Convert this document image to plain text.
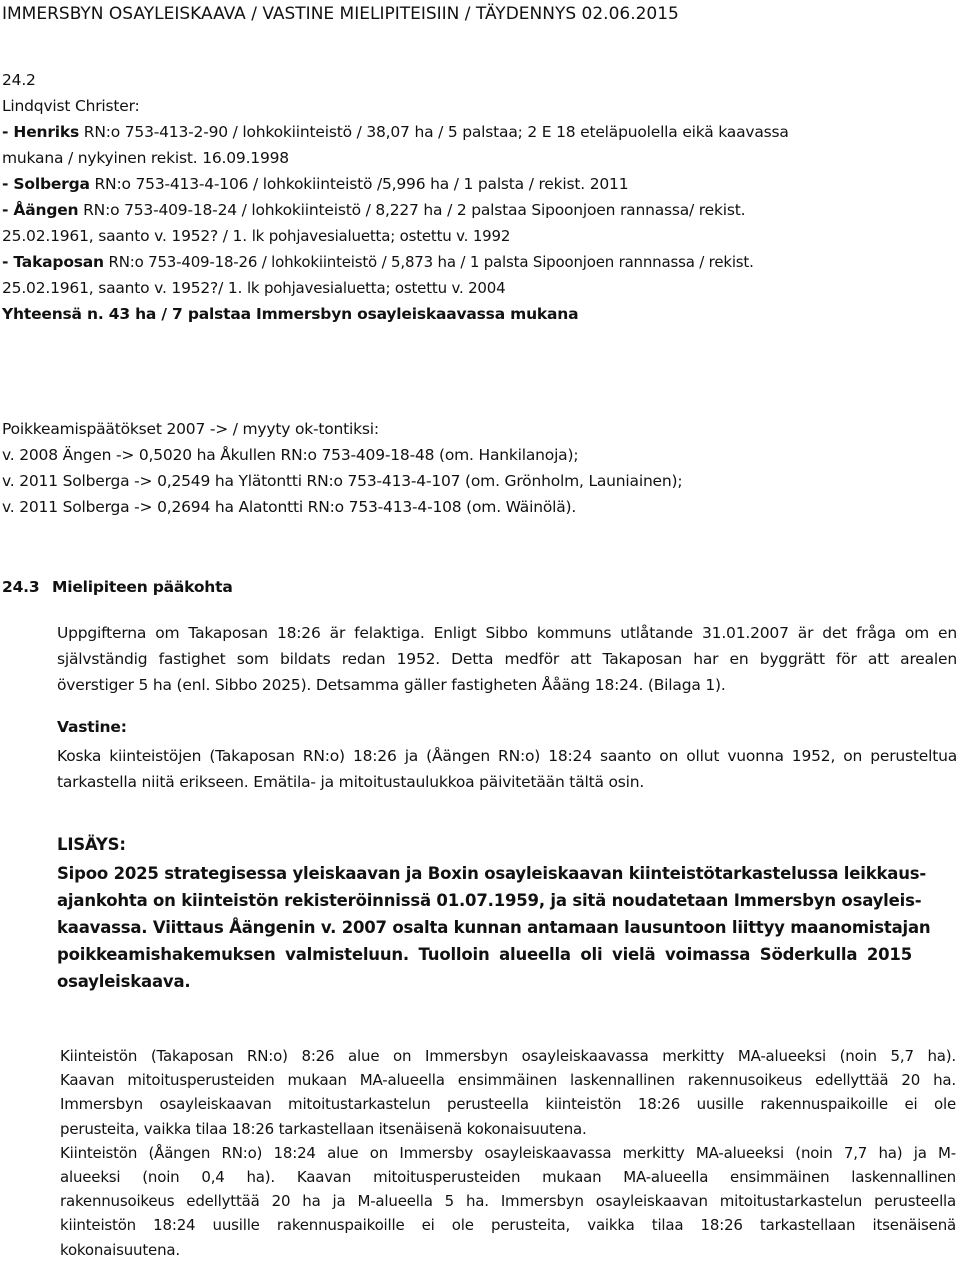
IMMERSBYN OSAYLEISKAAVA / VASTINE MIELIPITEISIIN / TÄYDENNYS 02.06.2015
24.2
Lindqvist Christer:
- Henriks RN:o 753-413-2-90 / lohkokiinteistö / 38,07 ha / 5 palstaa; 2 E 18 eteläpuolella eikä kaavassa
mukana / nykyinen rekist. 16.09.1998
- Solberga RN:o 753-413-4-106 / lohkokiinteistö /5,996 ha / 1 palsta / rekist. 2011
- Åängen RN:o 753-409-18-24 / lohkokiinteistö / 8,227 ha / 2 palstaa Sipoonjoen rannassa/ rekist.
25.02.1961, saanto v. 1952? / 1. lk pohjavesialuetta; ostettu v. 1992
- Takaposan RN:o 753-409-18-26 / lohkokiinteistö / 5,873 ha / 1 palsta Sipoonjoen rannnassa / rekist.
25.02.1961, saanto v. 1952?/ 1. lk pohjavesialuetta; ostettu v. 2004
Yhteensä n. 43 ha / 7 palstaa Immersbyn osayleiskaavassa mukana
Poikkeamispäätökset 2007 -> / myyty ok-tontiksi:
v. 2008 Ängen -> 0,5020 ha Åkullen RN:o 753-409-18-48 (om. Hankilanoja);
v. 2011 Solberga -> 0,2549 ha Ylätontti RN:o 753-413-4-107 (om. Grönholm, Launiainen);
v. 2011 Solberga -> 0,2694 ha Alatontti RN:o 753-413-4-108 (om. Wäinölä).
24.3 Mielipiteen pääkohta
Uppgifterna om Takaposan 18:26 är felaktiga. Enligt Sibbo kommuns utlåtande 31.01.2007 är det fråga om en
självständig fastighet som bildats redan 1952. Detta medför att Takaposan har en byggrätt för att arealen
överstiger 5 ha (enl. Sibbo 2025). Detsamma gäller fastigheten Ååäng 18:24. (Bilaga 1).
Vastine:
Koska kiinteistöjen (Takaposan RN:o) 18:26 ja (Åängen RN:o) 18:24 saanto on ollut vuonna 1952, on perusteltua
tarkastella niitä erikseen. Emätila- ja mitoitustaulukkoa päivitetään tältä osin.
LISÄYS:
Sipoo 2025 strategisessa yleiskaavan ja Boxin osayleiskaavan kiinteistötarkastelussa leikkaus-
ajankohta on kiinteistön rekisteröinnissä 01.07.1959, ja sitä noudatetaan Immersbyn osayleis-
kaavassa. Viittaus Åängenin v. 2007 osalta kunnan antamaan lausuntoon liittyy maanomistajan
poikkeamishakemuksen valmisteluun. Tuolloin alueella oli vielä voimassa Söderkulla 2015
osayleiskaava.
Kiinteistön (Takaposan RN:o) 8:26 alue on Immersbyn osayleiskaavassa merkitty MA-alueeksi (noin 5,7 ha).
Kaavan mitoitusperusteiden mukaan MA-alueella ensimmäinen laskennallinen rakennusoikeus edellyttää 20 ha.
Immersbyn osayleiskaavan mitoitustarkastelun perusteella kiinteistön 18:26 uusille rakennuspaikoille ei ole
perusteita, vaikka tilaa 18:26 tarkastellaan itsenäisenä kokonaisuutena.
Kiinteistön (Åängen RN:o) 18:24 alue on Immersby osayleiskaavassa merkitty MA-alueeksi (noin 7,7 ha) ja M-
alueeksi (noin 0,4 ha). Kaavan mitoitusperusteiden mukaan MA-alueella ensimmäinen laskennallinen
rakennusoikeus edellyttää 20 ha ja M-alueella 5 ha. Immersbyn osayleiskaavan mitoitustarkastelun perusteella
kiinteistön 18:24 uusille rakennuspaikoille ei ole perusteita, vaikka tilaa 18:26 tarkastellaan itsenäisenä
kokonaisuutena.
